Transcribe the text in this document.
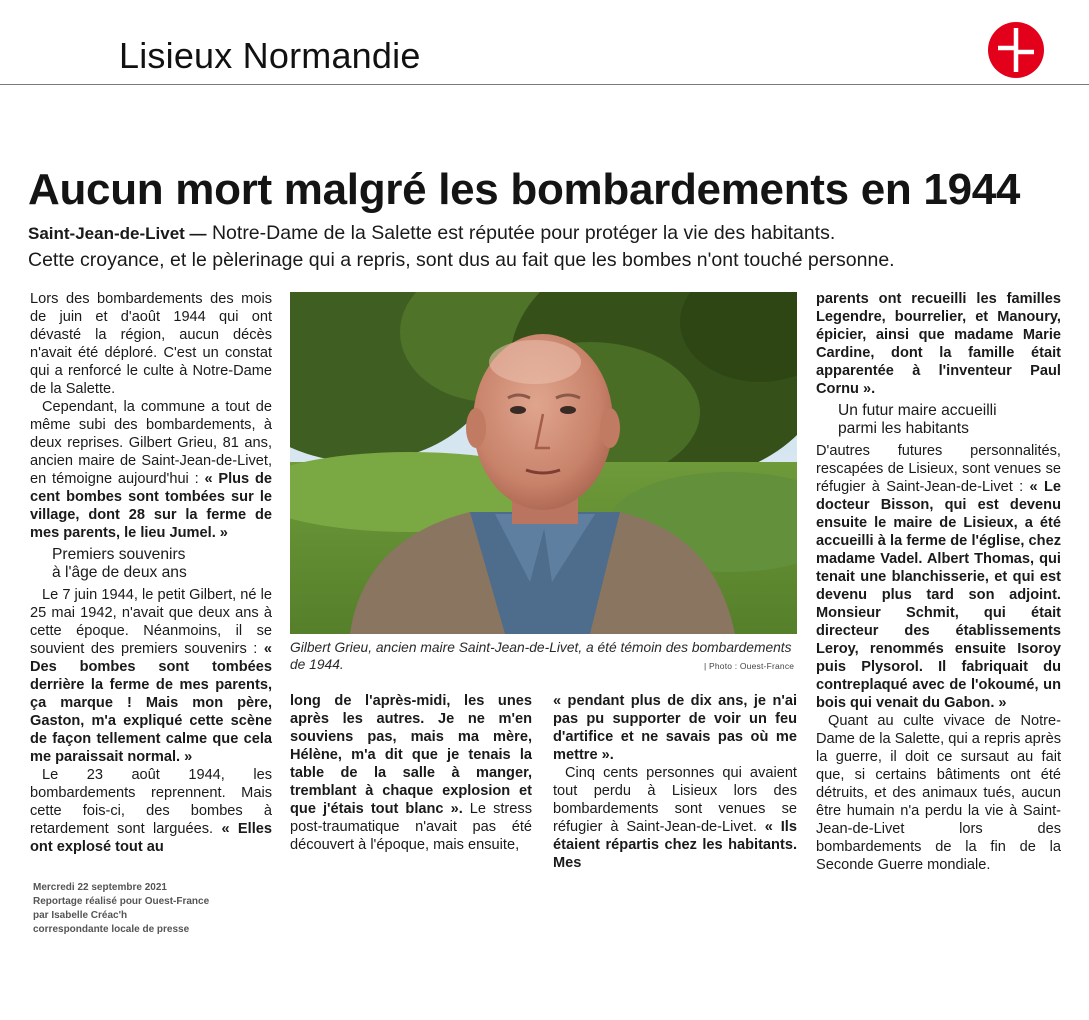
Lisieux Normandie
Aucun mort malgré les bombardements en 1944
Saint-Jean-de-Livet — Notre-Dame de la Salette est réputée pour protéger la vie des habitants.
Cette croyance, et le pèlerinage qui a repris, sont dus au fait que les bombes n'ont touché personne.

Lors des bombardements des mois de juin et d'août 1944 qui ont dévasté la région, aucun décès n'avait été déploré. C'est un constat qui a renforcé le culte à Notre-Dame de la Salette.

Cependant, la commune a tout de même subi des bombardements, à deux reprises. Gilbert Grieu, 81 ans, ancien maire de Saint-Jean-de-Livet, en témoigne aujourd'hui : « Plus de cent bombes sont tombées sur le village, dont 28 sur la ferme de mes parents, le lieu Jumel. »

Premiers souvenirs
à l'âge de deux ans

Le 7 juin 1944, le petit Gilbert, né le 25 mai 1942, n'avait que deux ans à cette époque. Néanmoins, il se souvient des premiers souvenirs : « Des bombes sont tombées derrière la ferme de mes parents, ça marque ! Mais mon père, Gaston, m'a expliqué cette scène de façon tellement calme que cela me paraissait normal. »

Le 23 août 1944, les bombardements reprennent. Mais cette fois-ci, des bombes à retardement sont larguées. « Elles ont explosé tout au

Gilbert Grieu, ancien maire Saint-Jean-de-Livet, a été témoin des bombardements de 1944.	| Photo : Ouest-France

long de l'après-midi, les unes après les autres. Je ne m'en souviens pas, mais ma mère, Hélène, m'a dit que je tenais la table de la salle à manger, tremblant à chaque explosion et que j'étais tout blanc ». Le stress post-traumatique n'avait pas été découvert à l'époque, mais ensuite,

« pendant plus de dix ans, je n'ai pas pu supporter de voir un feu d'artifice et ne savais pas où me mettre ».

Cinq cents personnes qui avaient tout perdu à Lisieux lors des bombardements sont venues se réfugier à Saint-Jean-de-Livet. « Ils étaient répartis chez les habitants. Mes

parents ont recueilli les familles Legendre, bourrelier, et Manoury, épicier, ainsi que madame Marie Cardine, dont la famille était apparentée à l'inventeur Paul Cornu ».

Un futur maire accueilli
parmi les habitants

D'autres futures personnalités, rescapées de Lisieux, sont venues se réfugier à Saint-Jean-de-Livet : « Le docteur Bisson, qui est devenu ensuite le maire de Lisieux, a été accueilli à la ferme de l'église, chez madame Vadel. Albert Thomas, qui tenait une blanchisserie, et qui est devenu plus tard son adjoint. Monsieur Schmit, qui était directeur des établissements Leroy, renommés ensuite Isoroy puis Plysorol. Il fabriquait du contreplaqué avec de l'okoumé, un bois qui venait du Gabon. »

Quant au culte vivace de Notre-Dame de la Salette, qui a repris après la guerre, il doit ce sursaut au fait que, si certains bâtiments ont été détruits, et des animaux tués, aucun être humain n'a perdu la vie à Saint-Jean-de-Livet lors des bombardements de la fin de la Seconde Guerre mondiale.

Mercredi 22 septembre 2021
Reportage réalisé pour Ouest-France
par Isabelle Créac'h
correspondante locale de presse
